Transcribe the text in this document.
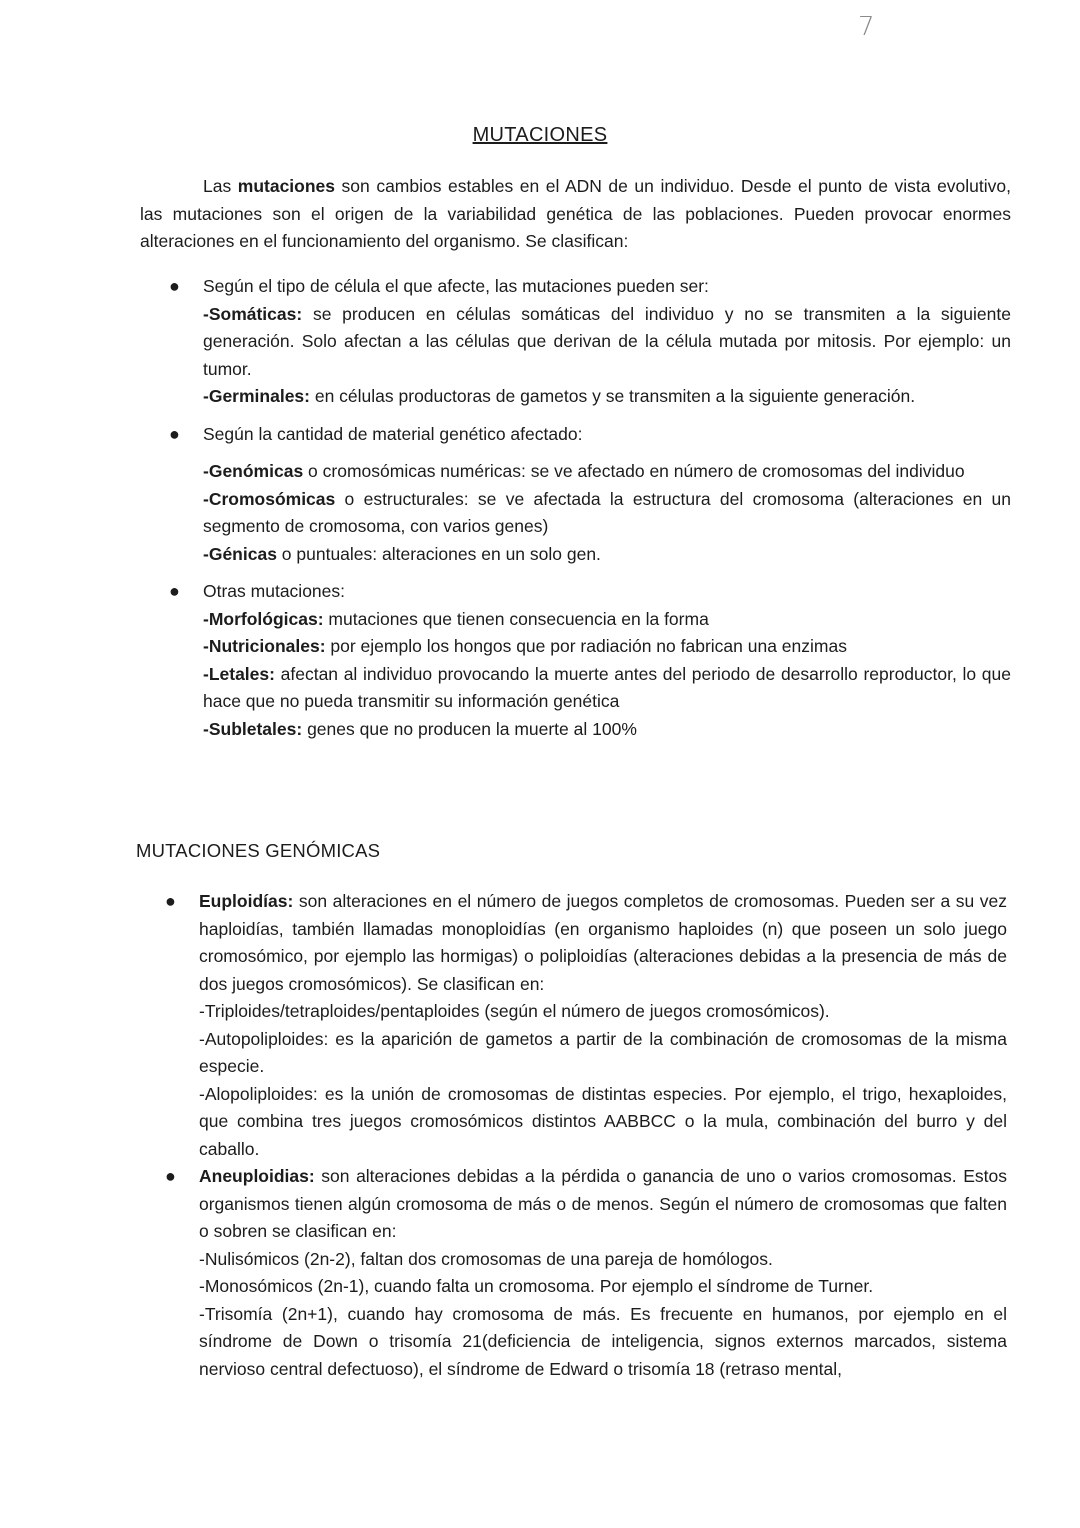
7
MUTACIONES

Las mutaciones son cambios estables en el ADN de un individuo. Desde el punto de vista evolutivo, las mutaciones son el origen de la variabilidad genética de las poblaciones. Pueden provocar enormes alteraciones en el funcionamiento del organismo. Se clasifican:

● Según el tipo de célula el que afecte, las mutaciones pueden ser:
-Somáticas: se producen en células somáticas del individuo y no se transmiten a la siguiente generación. Solo afectan a las células que derivan de la célula mutada por mitosis. Por ejemplo: un tumor.
-Germinales: en células productoras de gametos y se transmiten a la siguiente generación.
● Según la cantidad de material genético afectado:
-Genómicas o cromosómicas numéricas: se ve afectado en número de cromosomas del individuo
-Cromosómicas o estructurales: se ve afectada la estructura del cromosoma (alteraciones en un segmento de cromosoma, con varios genes)
-Génicas o puntuales: alteraciones en un solo gen.
● Otras mutaciones:
-Morfológicas: mutaciones que tienen consecuencia en la forma
-Nutricionales: por ejemplo los hongos que por radiación no fabrican una enzimas
-Letales: afectan al individuo provocando la muerte antes del periodo de desarrollo reproductor, lo que hace que no pueda transmitir su información genética
-Subletales: genes que no producen la muerte al 100%
MUTACIONES GENÓMICAS
● Euploidías: son alteraciones en el número de juegos completos de cromosomas. Pueden ser a su vez haploidías, también llamadas monoploidías (en organismo haploides (n) que poseen un solo juego cromosómico, por ejemplo las hormigas) o poliploidías (alteraciones debidas a la presencia de más de dos juegos cromosómicos). Se clasifican en:
-Triploides/tetraploides/pentaploides (según el número de juegos cromosómicos).
-Autopoliploides: es la aparición de gametos a partir de la combinación de cromosomas de la misma especie.
-Alopoliploides: es la unión de cromosomas de distintas especies. Por ejemplo, el trigo, hexaploides, que combina tres juegos cromosómicos distintos AABBCC o la mula, combinación del burro y del caballo.
● Aneuploidias: son alteraciones debidas a la pérdida o ganancia de uno o varios cromosomas. Estos organismos tienen algún cromosoma de más o de menos. Según el número de cromosomas que falten o sobren se clasifican en:
-Nulisómicos (2n-2), faltan dos cromosomas de una pareja de homólogos.
-Monosómicos (2n-1), cuando falta un cromosoma. Por ejemplo el síndrome de Turner.
-Trisomía (2n+1), cuando hay cromosoma de más. Es frecuente en humanos, por ejemplo en el síndrome de Down o trisomía 21(deficiencia de inteligencia, signos externos marcados, sistema nervioso central defectuoso), el síndrome de Edward o trisomía 18 (retraso mental,
